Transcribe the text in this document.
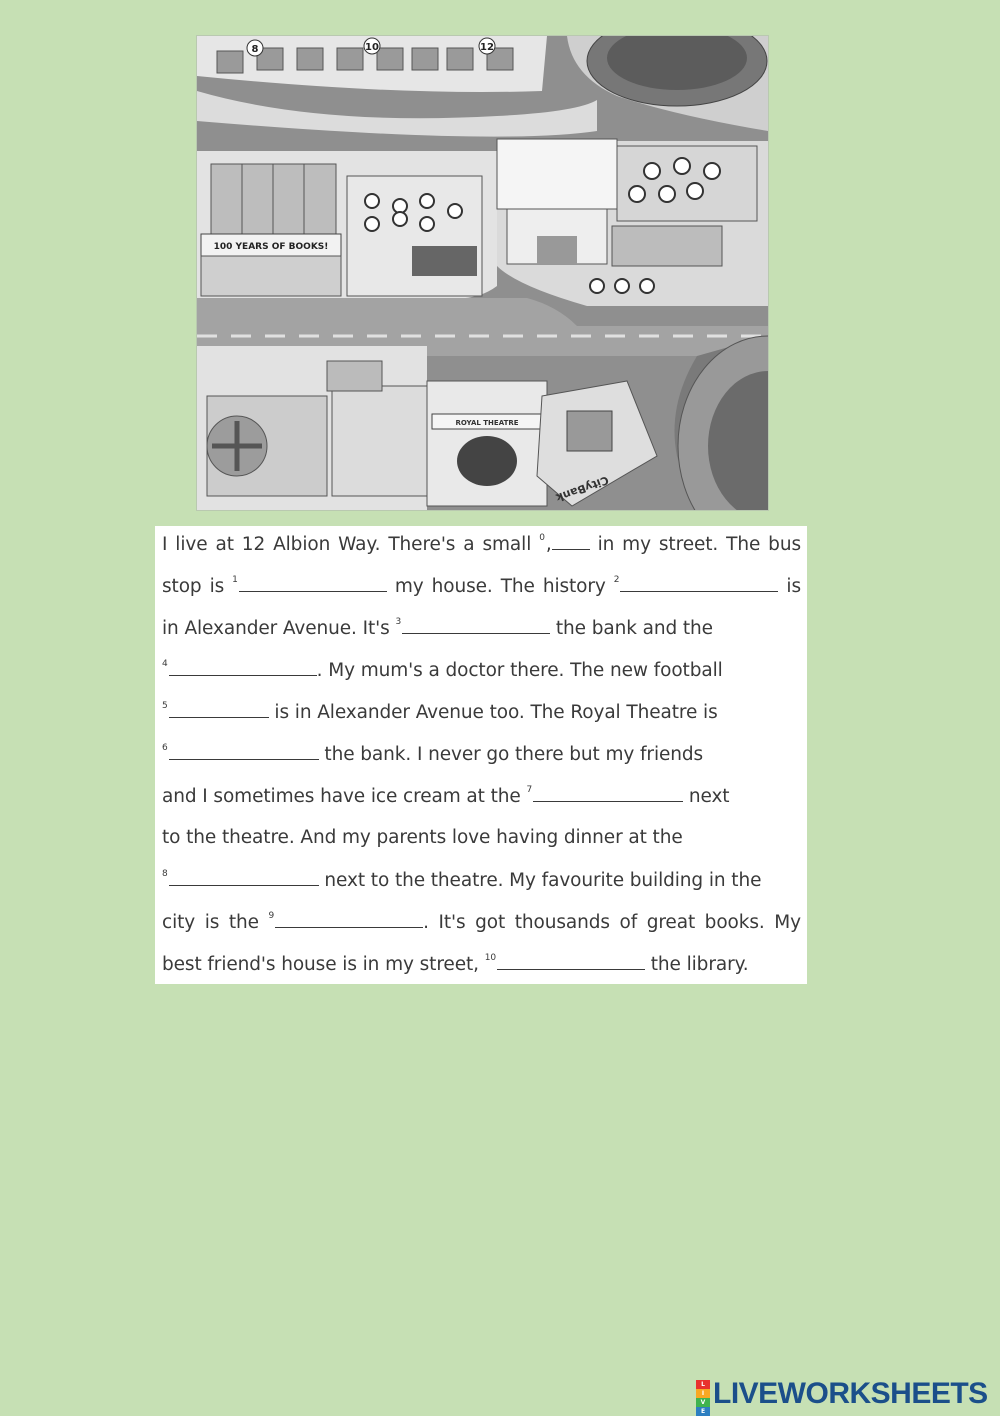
8	10	12
100 YEARS OF BOOKS!
ROYAL THEATRE
CityBank
I live at 12 Albion Way. There's a small $^0$, in my street. The bus
stop is $^1$	my house. The history $^2$	is
in Alexander Avenue. It's $^3$	the bank and the
$^4$	. My mum's a doctor there. The new football
$^5$	is in Alexander Avenue too. The Royal Theatre is
$^6$	the bank. I never go there but my friends
and I sometimes have ice cream at the $^7$	next
to the theatre. And my parents love having dinner at the
$^8$	next to the theatre. My favourite building in the
city is the $^9$	. It's got thousands of great books. My
best friend's house is in my street, $^{10}$	the library.
L
I
V
E
LIVEWORKSHEETS
